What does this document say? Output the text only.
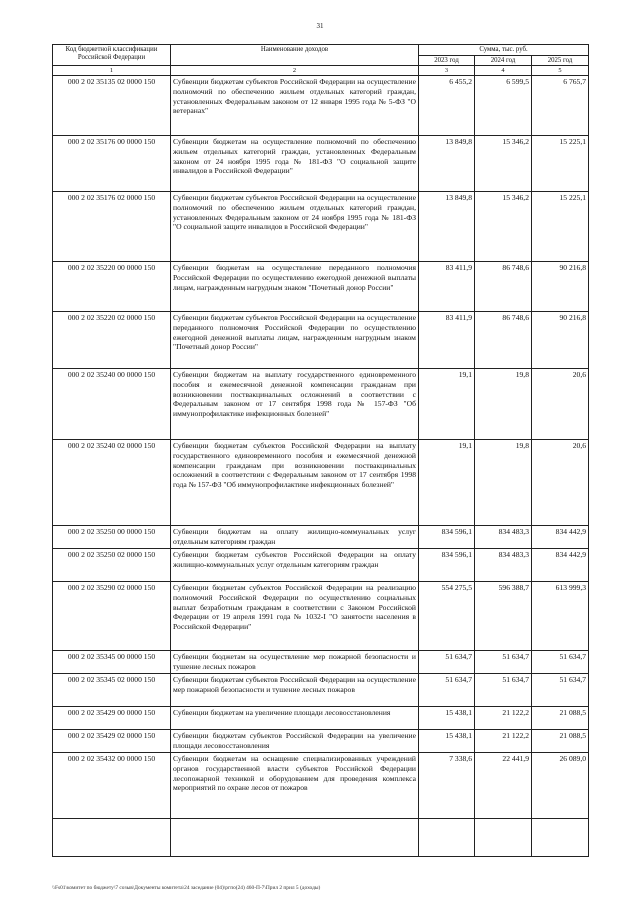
31
Код бюджетной классификации Российской Федерации	Наименование доходов	Сумма, тыс. руб.		
		2023 год	2024 год	2025 год
1	2	3	4	5
000 2 02 35135 02 0000 150	Субвенции бюджетам субъектов Российской Федерации на осуществление полномочий по обеспечению жильем отдельных категорий граждан, установленных Федеральным законом от 12 января 1995 года № 5-ФЗ "О ветеранах"	6 455,2	6 599,5	6 765,7
000 2 02 35176 00 0000 150	Субвенции бюджетам на осуществление полномочий по обеспечению жильем отдельных категорий граждан, установленных Федеральным законом от 24 ноября 1995 года № 181-ФЗ "О социальной защите инвалидов в Российской Федерации"	13 849,8	15 346,2	15 225,1
000 2 02 35176 02 0000 150	Субвенции бюджетам субъектов Российской Федерации на осуществление полномочий по обеспечению жильем отдельных категорий граждан, установленных Федеральным законом от 24 ноября 1995 года № 181-ФЗ "О социальной защите инвалидов в Российской Федерации"	13 849,8	15 346,2	15 225,1
000 2 02 35220 00 0000 150	Субвенции бюджетам на осуществление переданного полномочия Российской Федерации по осуществлению ежегодной денежной выплаты лицам, награжденным нагрудным знаком "Почетный донор России"	83 411,9	86 748,6	90 216,8
000 2 02 35220 02 0000 150	Субвенции бюджетам субъектов Российской Федерации на осуществление переданного полномочия Российской Федерации по осуществлению ежегодной денежной выплаты лицам, награжденным нагрудным знаком "Почетный донор России"	83 411,9	86 748,6	90 216,8
000 2 02 35240 00 0000 150	Субвенции бюджетам на выплату государственного единовременного пособия и ежемесячной денежной компенсации гражданам при возникновении поствакцинальных осложнений в соответствии с Федеральным законом от 17 сентября 1998 года № 157-ФЗ "Об иммунопрофилактике инфекционных болезней"	19,1	19,8	20,6
000 2 02 35240 02 0000 150	Субвенции бюджетам субъектов Российской Федерации на выплату государственного единовременного пособия и ежемесячной денежной компенсации гражданам при возникновении поствакцинальных осложнений в соответствии с Федеральным законом от 17 сентября 1998 года № 157-ФЗ "Об иммунопрофилактике инфекционных болезней"	19,1	19,8	20,6
000 2 02 35250 00 0000 150	Субвенции бюджетам на оплату жилищно-коммунальных услуг отдельным категориям граждан	834 596,1	834 483,3	834 442,9
000 2 02 35250 02 0000 150	Субвенции бюджетам субъектов Российской Федерации на оплату жилищно-коммунальных услуг отдельным категориям граждан	834 596,1	834 483,3	834 442,9
000 2 02 35290 02 0000 150	Субвенции бюджетам субъектов Российской Федерации на реализацию полномочий Российской Федерации по осуществлению социальных выплат безработным гражданам в соответствии с Законом Российской Федерации от 19 апреля 1991 года № 1032-I "О занятости населения в Российской Федерации"	554 275,5	596 388,7	613 999,3
000 2 02 35345 00 0000 150	Субвенции бюджетам на осуществление мер пожарной безопасности и тушение лесных пожаров	51 634,7	51 634,7	51 634,7
000 2 02 35345 02 0000 150	Субвенции бюджетам субъектов Российской Федерации на осуществление мер пожарной безопасности и тушение лесных пожаров	51 634,7	51 634,7	51 634,7
000 2 02 35429 00 0000 150	Субвенции бюджетам на увеличение площади лесовосстановления	15 438,1	21 122,2	21 088,5
000 2 02 35429 02 0000 150	Субвенции бюджетам субъектов Российской Федерации на увеличение площади лесовосстановления	15 438,1	21 122,2	21 088,5
000 2 02 35432 00 0000 150	Субвенции бюджетам на оснащение специализированных учреждений органов государственной власти субъектов Российской Федерации лесопожарной техникой и оборудованием для проведения комплекса мероприятий по охране лесов от пожаров	7 338,6	22 441,9	26 089,0

\\Fs01\комитет по бюджету\7 созыв\Документы комитета\24 заседание (04)\ргпо(24) 460-П-7\Прил 2 прил 5 (доходы)
